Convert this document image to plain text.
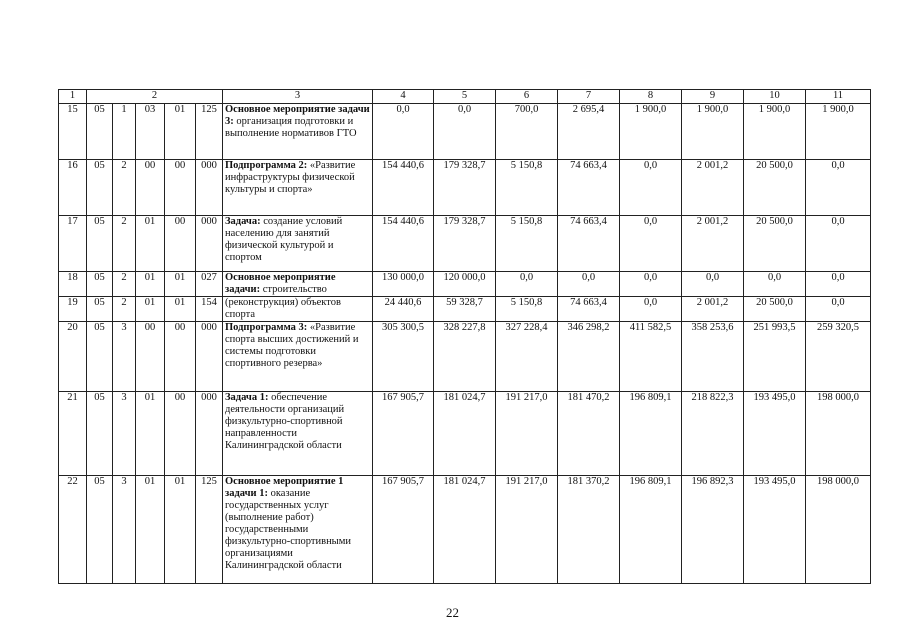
1	2					3	4	5	6	7	8	9	10	11
15	05	1	03	01	125	Основное мероприятие задачи 3: организация подготовки и выполнение нормативов ГТО	0,0	0,0	700,0	2 695,4	1 900,0	1 900,0	1 900,0	1 900,0
16	05	2	00	00	000	Подпрограмма 2: «Развитие инфраструктуры физической культуры и спорта»	154 440,6	179 328,7	5 150,8	74 663,4	0,0	2 001,2	20 500,0	0,0
17	05	2	01	00	000	Задача: создание условий населению для занятий физической культурой и спортом	154 440,6	179 328,7	5 150,8	74 663,4	0,0	2 001,2	20 500,0	0,0
18	05	2	01	01	027	Основное мероприятие задачи: строительство	130 000,0	120 000,0	0,0	0,0	0,0	0,0	0,0	0,0
19	05	2	01	01	154	(реконструкция) объектов спорта	24 440,6	59 328,7	5 150,8	74 663,4	0,0	2 001,2	20 500,0	0,0
20	05	3	00	00	000	Подпрограмма 3: «Развитие спорта высших достижений и системы подготовки спортивного резерва»	305 300,5	328 227,8	327 228,4	346 298,2	411 582,5	358 253,6	251 993,5	259 320,5
21	05	3	01	00	000	Задача 1: обеспечение деятельности организаций физкультурно-спортивной направленности Калининградской области	167 905,7	181 024,7	191 217,0	181 470,2	196 809,1	218 822,3	193 495,0	198 000,0
22	05	3	01	01	125	Основное мероприятие 1 задачи 1: оказание государственных услуг (выполнение работ) государственными физкультурно-спортивными организациями Калининградской области	167 905,7	181 024,7	191 217,0	181 370,2	196 809,1	196 892,3	193 495,0	198 000,0
22
